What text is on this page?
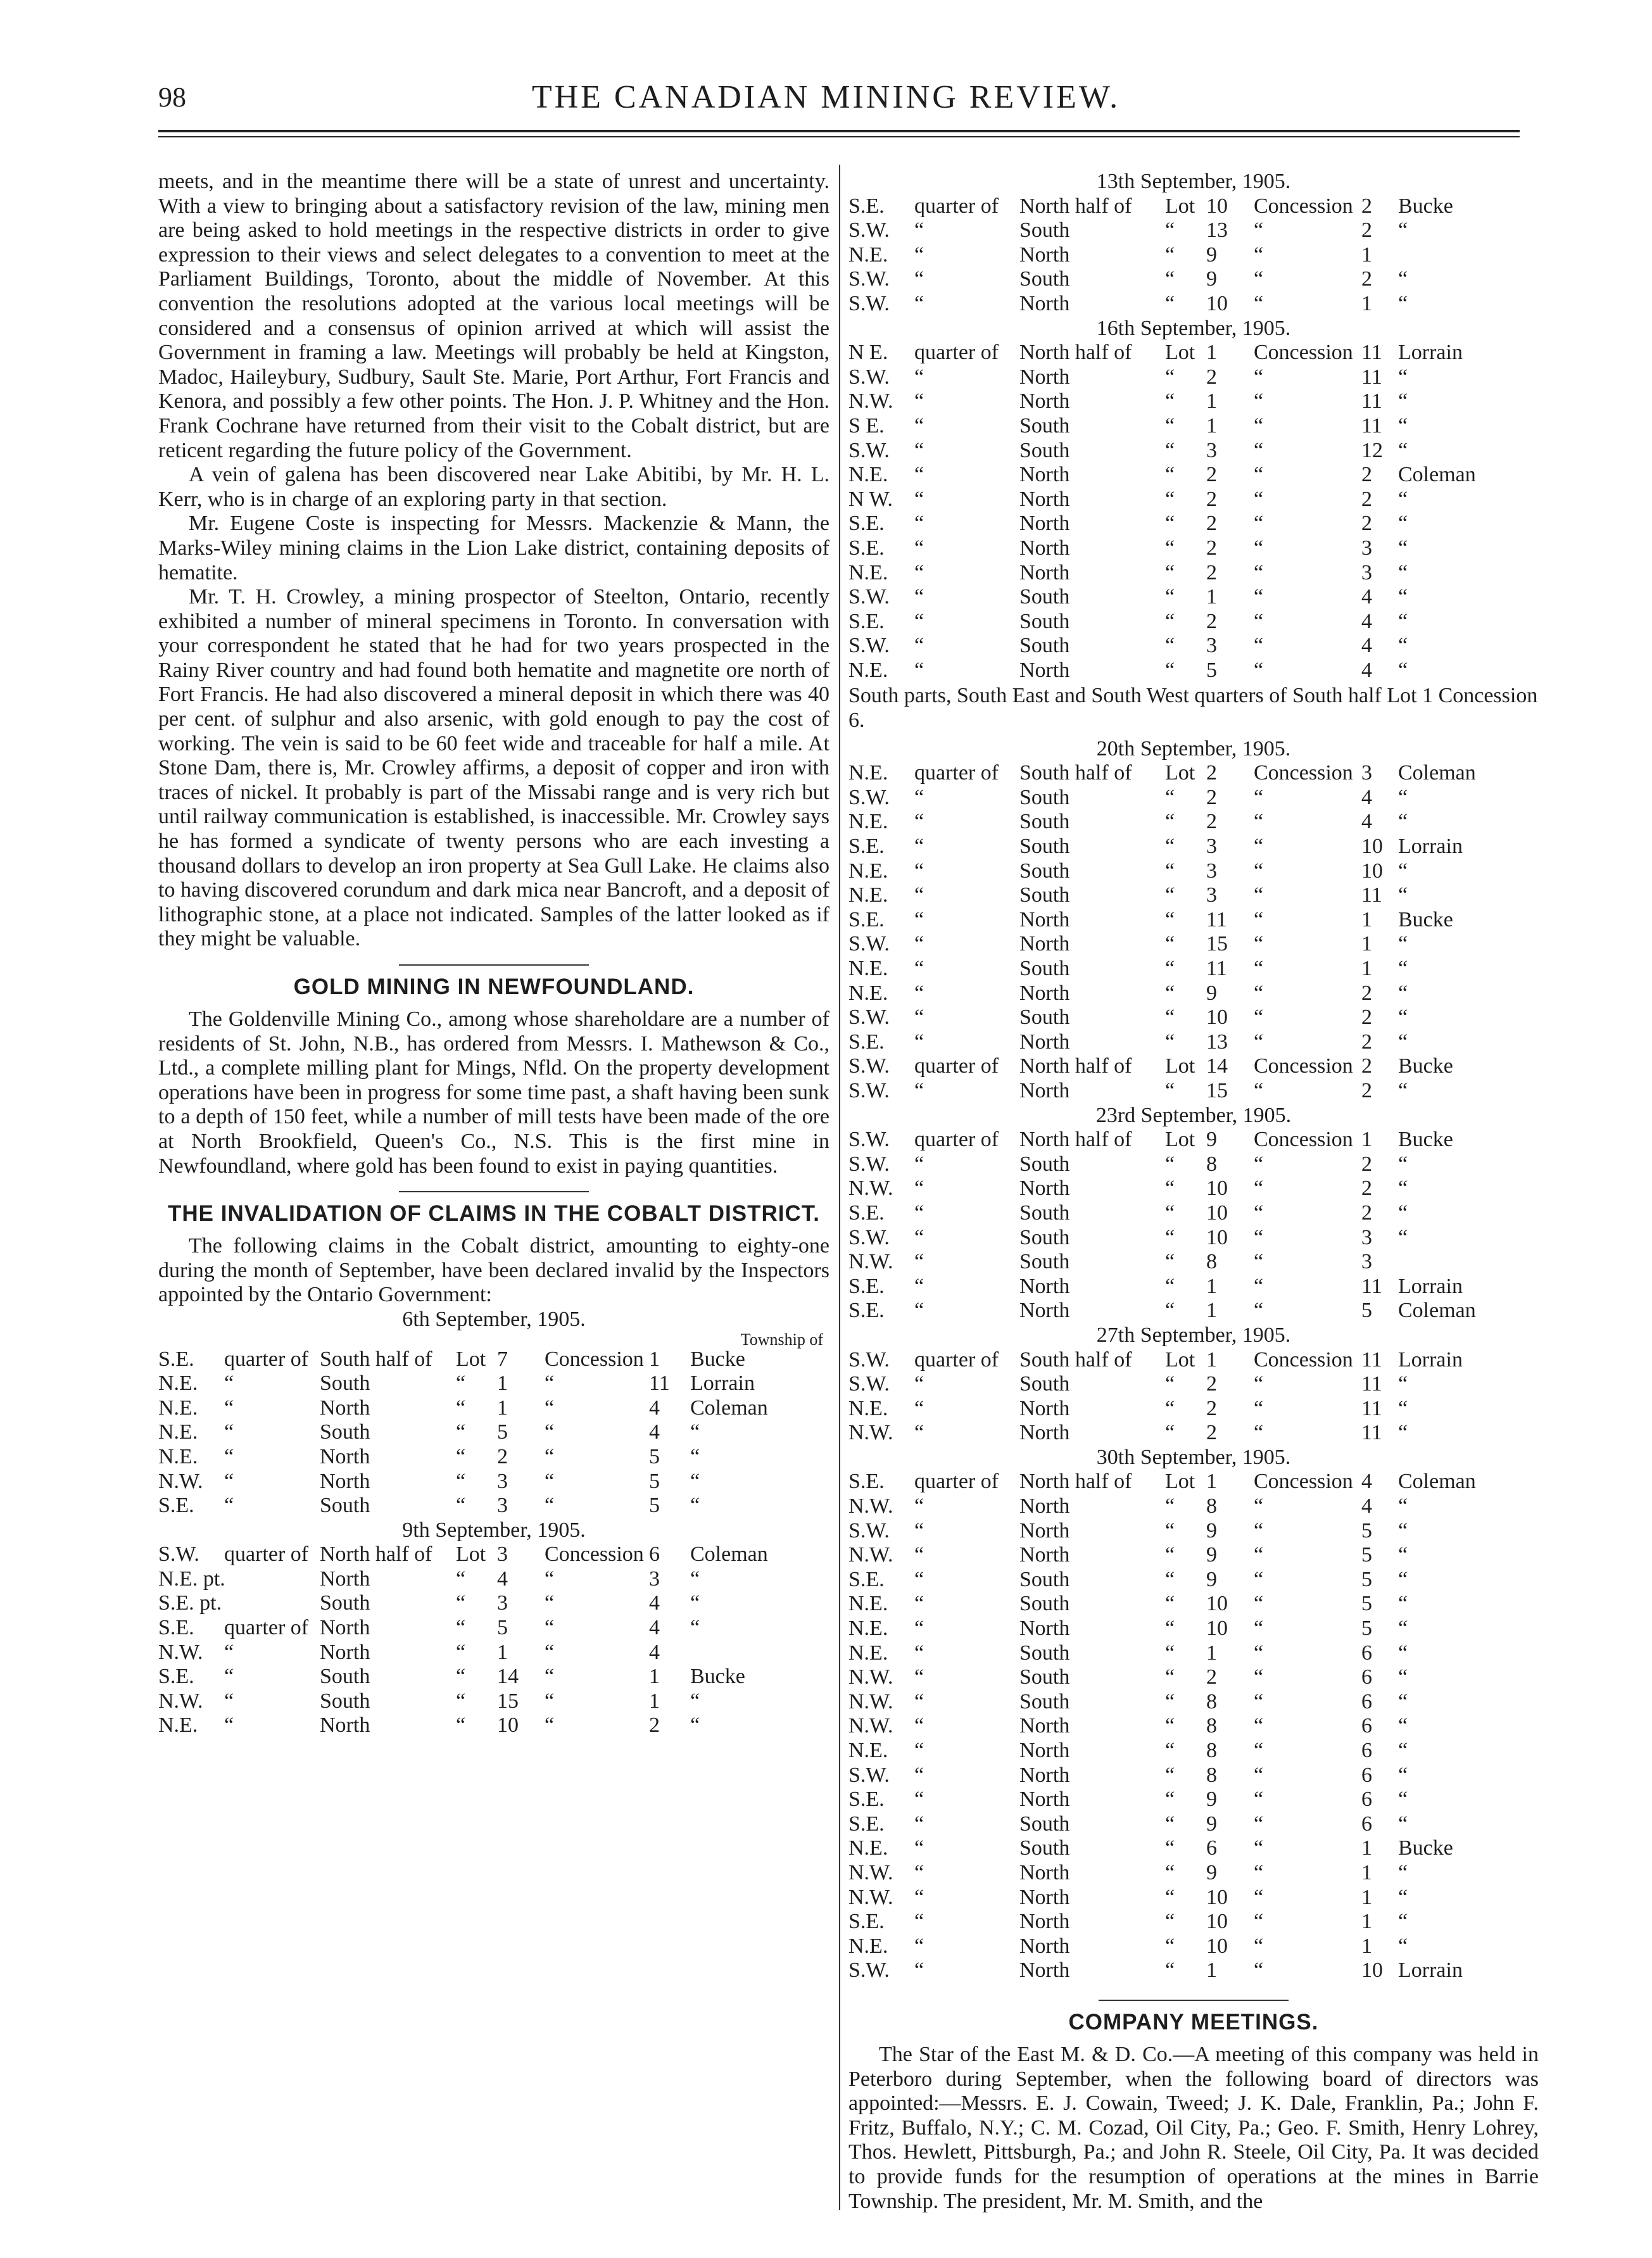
98	THE CANADIAN MINING REVIEW.

meets, and in the meantime there will be a state of unrest and uncertainty. With a view to bringing about a satisfactory revision of the law, mining men are being asked to hold meetings in the respective districts in order to give expression to their views and select delegates to a convention to meet at the Parliament Buildings, Toronto, about the middle of November. At this convention the resolutions adopted at the various local meetings will be considered and a consensus of opinion arrived at which will assist the Government in framing a law. Meetings will probably be held at Kingston, Madoc, Haileybury, Sudbury, Sault Ste. Marie, Port Arthur, Fort Francis and Kenora, and possibly a few other points. The Hon. J. P. Whitney and the Hon. Frank Cochrane have returned from their visit to the Cobalt district, but are reticent regarding the future policy of the Government.

A vein of galena has been discovered near Lake Abitibi, by Mr. H. L. Kerr, who is in charge of an exploring party in that section.

Mr. Eugene Coste is inspecting for Messrs. Mackenzie & Mann, the Marks-Wiley mining claims in the Lion Lake district, containing deposits of hematite.

Mr. T. H. Crowley, a mining prospector of Steelton, Ontario, recently exhibited a number of mineral specimens in Toronto. In conversation with your correspondent he stated that he had for two years prospected in the Rainy River country and had found both hematite and magnetite ore north of Fort Francis. He had also discovered a mineral deposit in which there was 40 per cent. of sulphur and also arsenic, with gold enough to pay the cost of working. The vein is said to be 60 feet wide and traceable for half a mile. At Stone Dam, there is, Mr. Crowley affirms, a deposit of copper and iron with traces of nickel. It probably is part of the Missabi range and is very rich but until railway communication is established, is inaccessible. Mr. Crowley says he has formed a syndicate of twenty persons who are each investing a thousand dollars to develop an iron property at Sea Gull Lake. He claims also to having discovered corundum and dark mica near Bancroft, and a deposit of lithographic stone, at a place not indicated. Samples of the latter looked as if they might be valuable.

GOLD MINING IN NEWFOUNDLAND.

The Goldenville Mining Co., among whose shareholdare are a number of residents of St. John, N.B., has ordered from Messrs. I. Mathewson & Co., Ltd., a complete milling plant for Mings, Nfld. On the property development operations have been in progress for some time past, a shaft having been sunk to a depth of 150 feet, while a number of mill tests have been made of the ore at North Brookfield, Queen's Co., N.S. This is the first mine in Newfoundland, where gold has been found to exist in paying quantities.

THE INVALIDATION OF CLAIMS IN THE COBALT DISTRICT.

The following claims in the Cobalt district, amounting to eighty-one during the month of September, have been declared invalid by the Inspectors appointed by the Ontario Government:

6th September, 1905.
Township of
S.E. quarter of South half of Lot 7 Concession 1 Bucke
N.E. “	South	“ 1 “	11 Lorrain
N.E. “	North	“ 1 “	4 Coleman
N.E. “	South	“ 5 “	4 “
N.E. “	North	“ 2 “	5 “
N.W. “	North	“ 3 “	5 “
S.E. “	South	“ 3 “	5 “
9th September, 1905.
S.W. quarter of North half of Lot 3 Concession 6 Coleman
N.E. pt.	North	“ 4 “	3 “
S.E. pt.	South	“ 3 “	4 “
S.E. quarter of North	“ 5 “	4 “
N.W. “	North	“ 1 “	4
S.E. “	South	“ 14 “	1 Bucke
N.W. “	South	“ 15 “	1 “
N.E. “	North	“ 10 “	2 “
13th September, 1905.
S.E. quarter of North half of Lot 10 Concession 2 Bucke
S.W. “	South	“ 13 “	2 “
N.E. “	North	“ 9 “	1
S.W. “	South	“ 9 “	2 “
S.W. “	North	“ 10 “	1 “
16th September, 1905.
N E. quarter of North half of Lot 1 Concession 11 Lorrain
S.W. “	North	“ 2 “	11 “
N.W. “	North	“ 1 “	11 “
S E. “	South	“ 1 “	11 “
S.W. “	South	“ 3 “	12 “
N.E. “	North	“ 2 “	2 Coleman
N W. “	North	“ 2 “	2 “
S.E. “	North	“ 2 “	2 “
S.E. “	North	“ 2 “	3 “
N.E. “	North	“ 2 “	3 “
S.W. “	South	“ 1 “	4 “
S.E. “	South	“ 2 “	4 “
S.W. “	South	“ 3 “	4 “
N.E. “	North	“ 5 “	4 “
South parts, South East and South West quarters of South half Lot 1 Concession 6.
20th September, 1905.
N.E. quarter of South half of Lot 2 Concession 3 Coleman
S.W. “	South	“ 2 “	4 “
N.E. “	South	“ 2 “	4 “
S.E. “	South	“ 3 “	10 Lorrain
N.E. “	South	“ 3 “	10 “
N.E. “	South	“ 3 “	11 “
S.E. “	North	“ 11 “	1 Bucke
S.W. “	North	“ 15 “	1 “
N.E. “	South	“ 11 “	1 “
N.E. “	North	“ 9 “	2 “
S.W. “	South	“ 10 “	2 “
S.E. “	North	“ 13 “	2 “
S.W. quarter of North half of Lot 14 Concession 2 Bucke
S.W. “	North	“ 15 “	2 “
23rd September, 1905.
S.W. quarter of North half of Lot 9 Concession 1 Bucke
S.W. “	South	“ 8 “	2 “
N.W. “	North	“ 10 “	2 “
S.E. “	South	“ 10 “	2 “
S.W. “	South	“ 10 “	3 “
N.W. “	South	“ 8 “	3
S.E. “	North	“ 1 “	11 Lorrain
S.E. “	North	“ 1 “	5 Coleman
27th September, 1905.
S.W. quarter of South half of Lot 1 Concession 11 Lorrain
S.W. “	South	“ 2 “	11 “
N.E. “	North	“ 2 “	11 “
N.W. “	North	“ 2 “	11 “
30th September, 1905.
S.E. quarter of North half of Lot 1 Concession 4 Coleman
N.W. “	North	“ 8 “	4 “
S.W. “	North	“ 9 “	5 “
N.W. “	North	“ 9 “	5 “
S.E. “	South	“ 9 “	5 “
N.E. “	South	“ 10 “	5 “
N.E. “	North	“ 10 “	5 “
N.E. “	South	“ 1 “	6 “
N.W. “	South	“ 2 “	6 “
N.W. “	South	“ 8 “	6 “
N.W. “	North	“ 8 “	6 “
N.E. “	North	“ 8 “	6 “
S.W. “	North	“ 8 “	6 “
S.E. “	North	“ 9 “	6 “
S.E. “	South	“ 9 “	6 “
N.E. “	South	“ 6 “	1 Bucke
N.W. “	North	“ 9 “	1 “
N.W. “	North	“ 10 “	1 “
S.E. “	North	“ 10 “	1 “
N.E. “	North	“ 10 “	1 “
S.W. “	North	“ 1 “	10 Lorrain
COMPANY MEETINGS.

The Star of the East M. & D. Co.—A meeting of this company was held in Peterboro during September, when the following board of directors was appointed:—Messrs. E. J. Cowain, Tweed; J. K. Dale, Franklin, Pa.; John F. Fritz, Buffalo, N.Y.; C. M. Cozad, Oil City, Pa.; Geo. F. Smith, Henry Lohrey, Thos. Hewlett, Pittsburgh, Pa.; and John R. Steele, Oil City, Pa. It was decided to provide funds for the resumption of operations at the mines in Barrie Township. The president, Mr. M. Smith, and the
